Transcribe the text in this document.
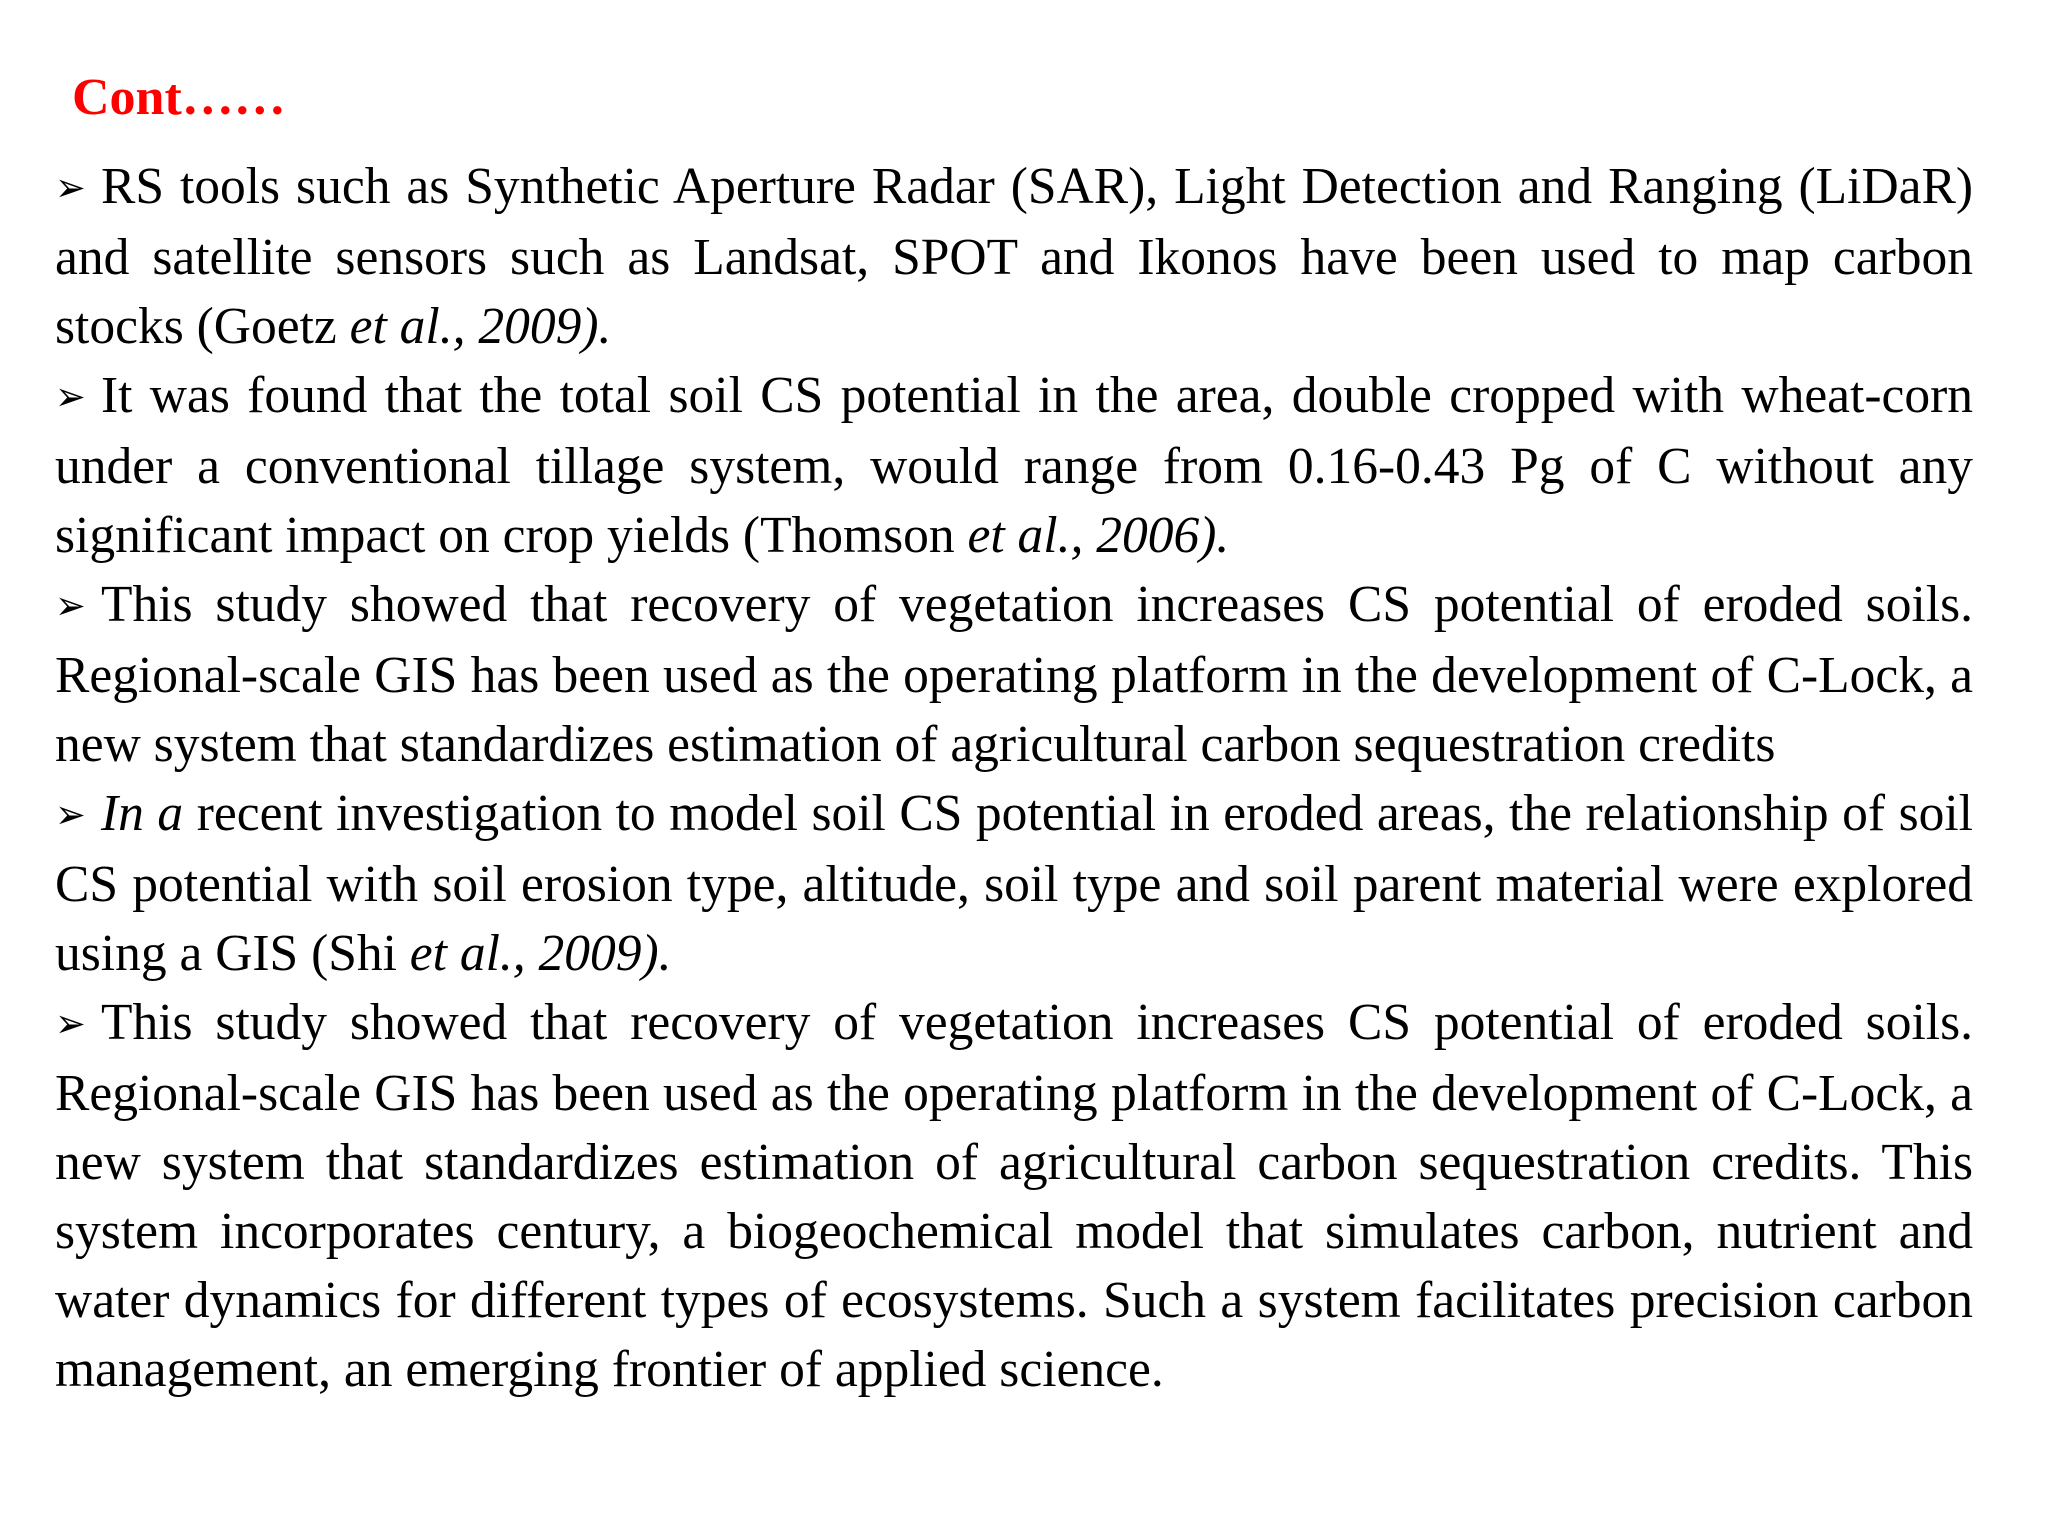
Cont……

➢ RS tools such as Synthetic Aperture Radar (SAR), Light Detection and Ranging (LiDaR) and satellite sensors such as Landsat, SPOT and Ikonos have been used to map carbon stocks (Goetz et al., 2009).

➢ It was found that the total soil CS potential in the area, double cropped with wheat-corn under a conventional tillage system, would range from 0.16-0.43 Pg of C without any significant impact on crop yields (Thomson et al., 2006).

➢ This study showed that recovery of vegetation increases CS potential of eroded soils. Regional-scale GIS has been used as the operating platform in the development of C-Lock, a new system that standardizes estimation of agricultural carbon sequestration credits

➢ In a recent investigation to model soil CS potential in eroded areas, the relationship of soil CS potential with soil erosion type, altitude, soil type and soil parent material were explored using a GIS (Shi et al., 2009).

➢ This study showed that recovery of vegetation increases CS potential of eroded soils. Regional-scale GIS has been used as the operating platform in the development of C-Lock, a new system that standardizes estimation of agricultural carbon sequestration credits. This system incorporates century, a biogeochemical model that simulates carbon, nutrient and water dynamics for different types of ecosystems. Such a system facilitates precision carbon management, an emerging frontier of applied science.
